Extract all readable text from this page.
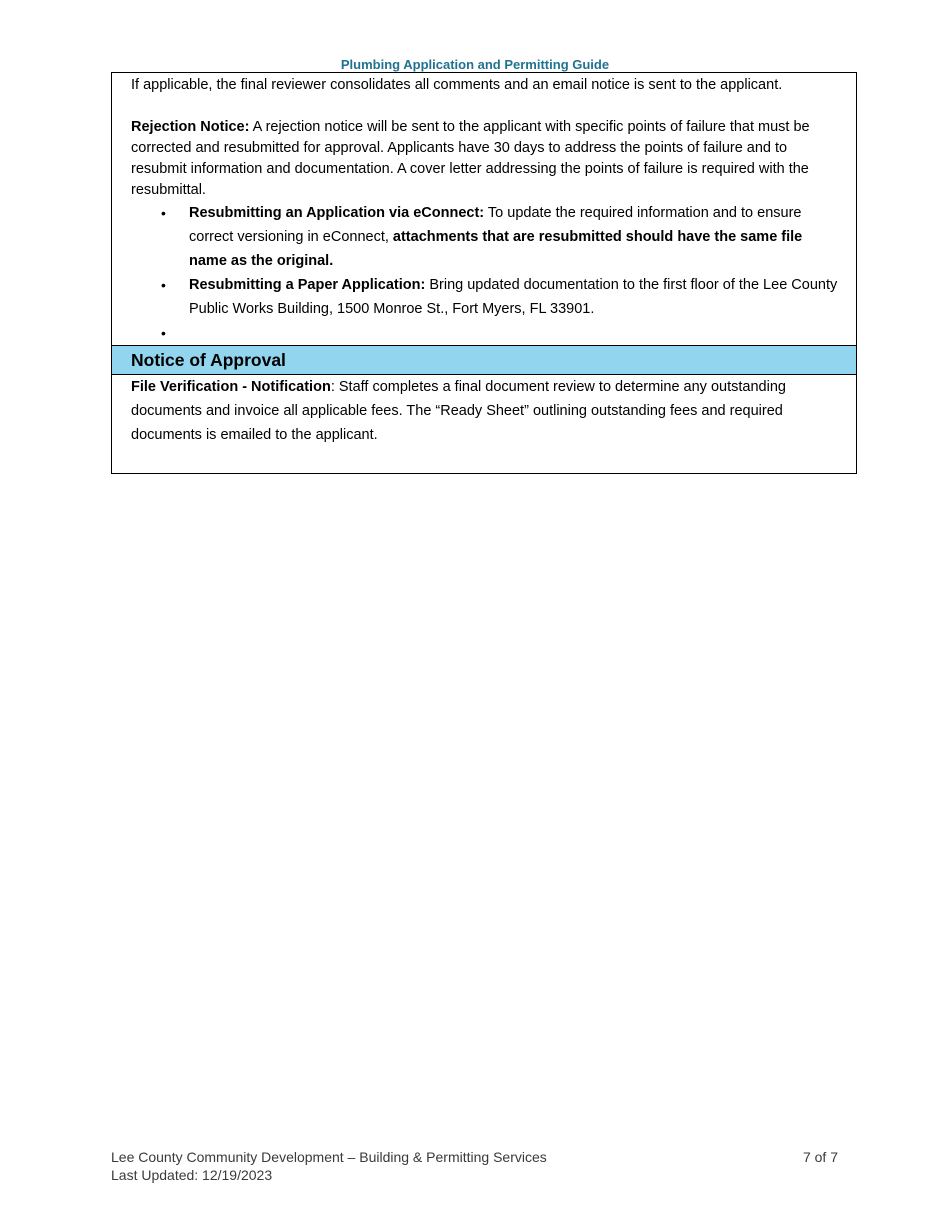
Plumbing Application and Permitting Guide

If applicable, the final reviewer consolidates all comments and an email notice is sent to the applicant.

Rejection Notice: A rejection notice will be sent to the applicant with specific points of failure that must be corrected and resubmitted for approval. Applicants have 30 days to address the points of failure and to resubmit information and documentation. A cover letter addressing the points of failure is required with the resubmittal.

• Resubmitting an Application via eConnect: To update the required information and to ensure correct versioning in eConnect, attachments that are resubmitted should have the same file name as the original.
• Resubmitting a Paper Application: Bring updated documentation to the first floor of the Lee County Public Works Building, 1500 Monroe St., Fort Myers, FL 33901.
•
Notice of Approval

File Verification - Notification: Staff completes a final document review to determine any outstanding documents and invoice all applicable fees. The “Ready Sheet” outlining outstanding fees and required documents is emailed to the applicant.

Lee County Community Development – Building & Permitting Services	7 of 7
Last Updated: 12/19/2023
